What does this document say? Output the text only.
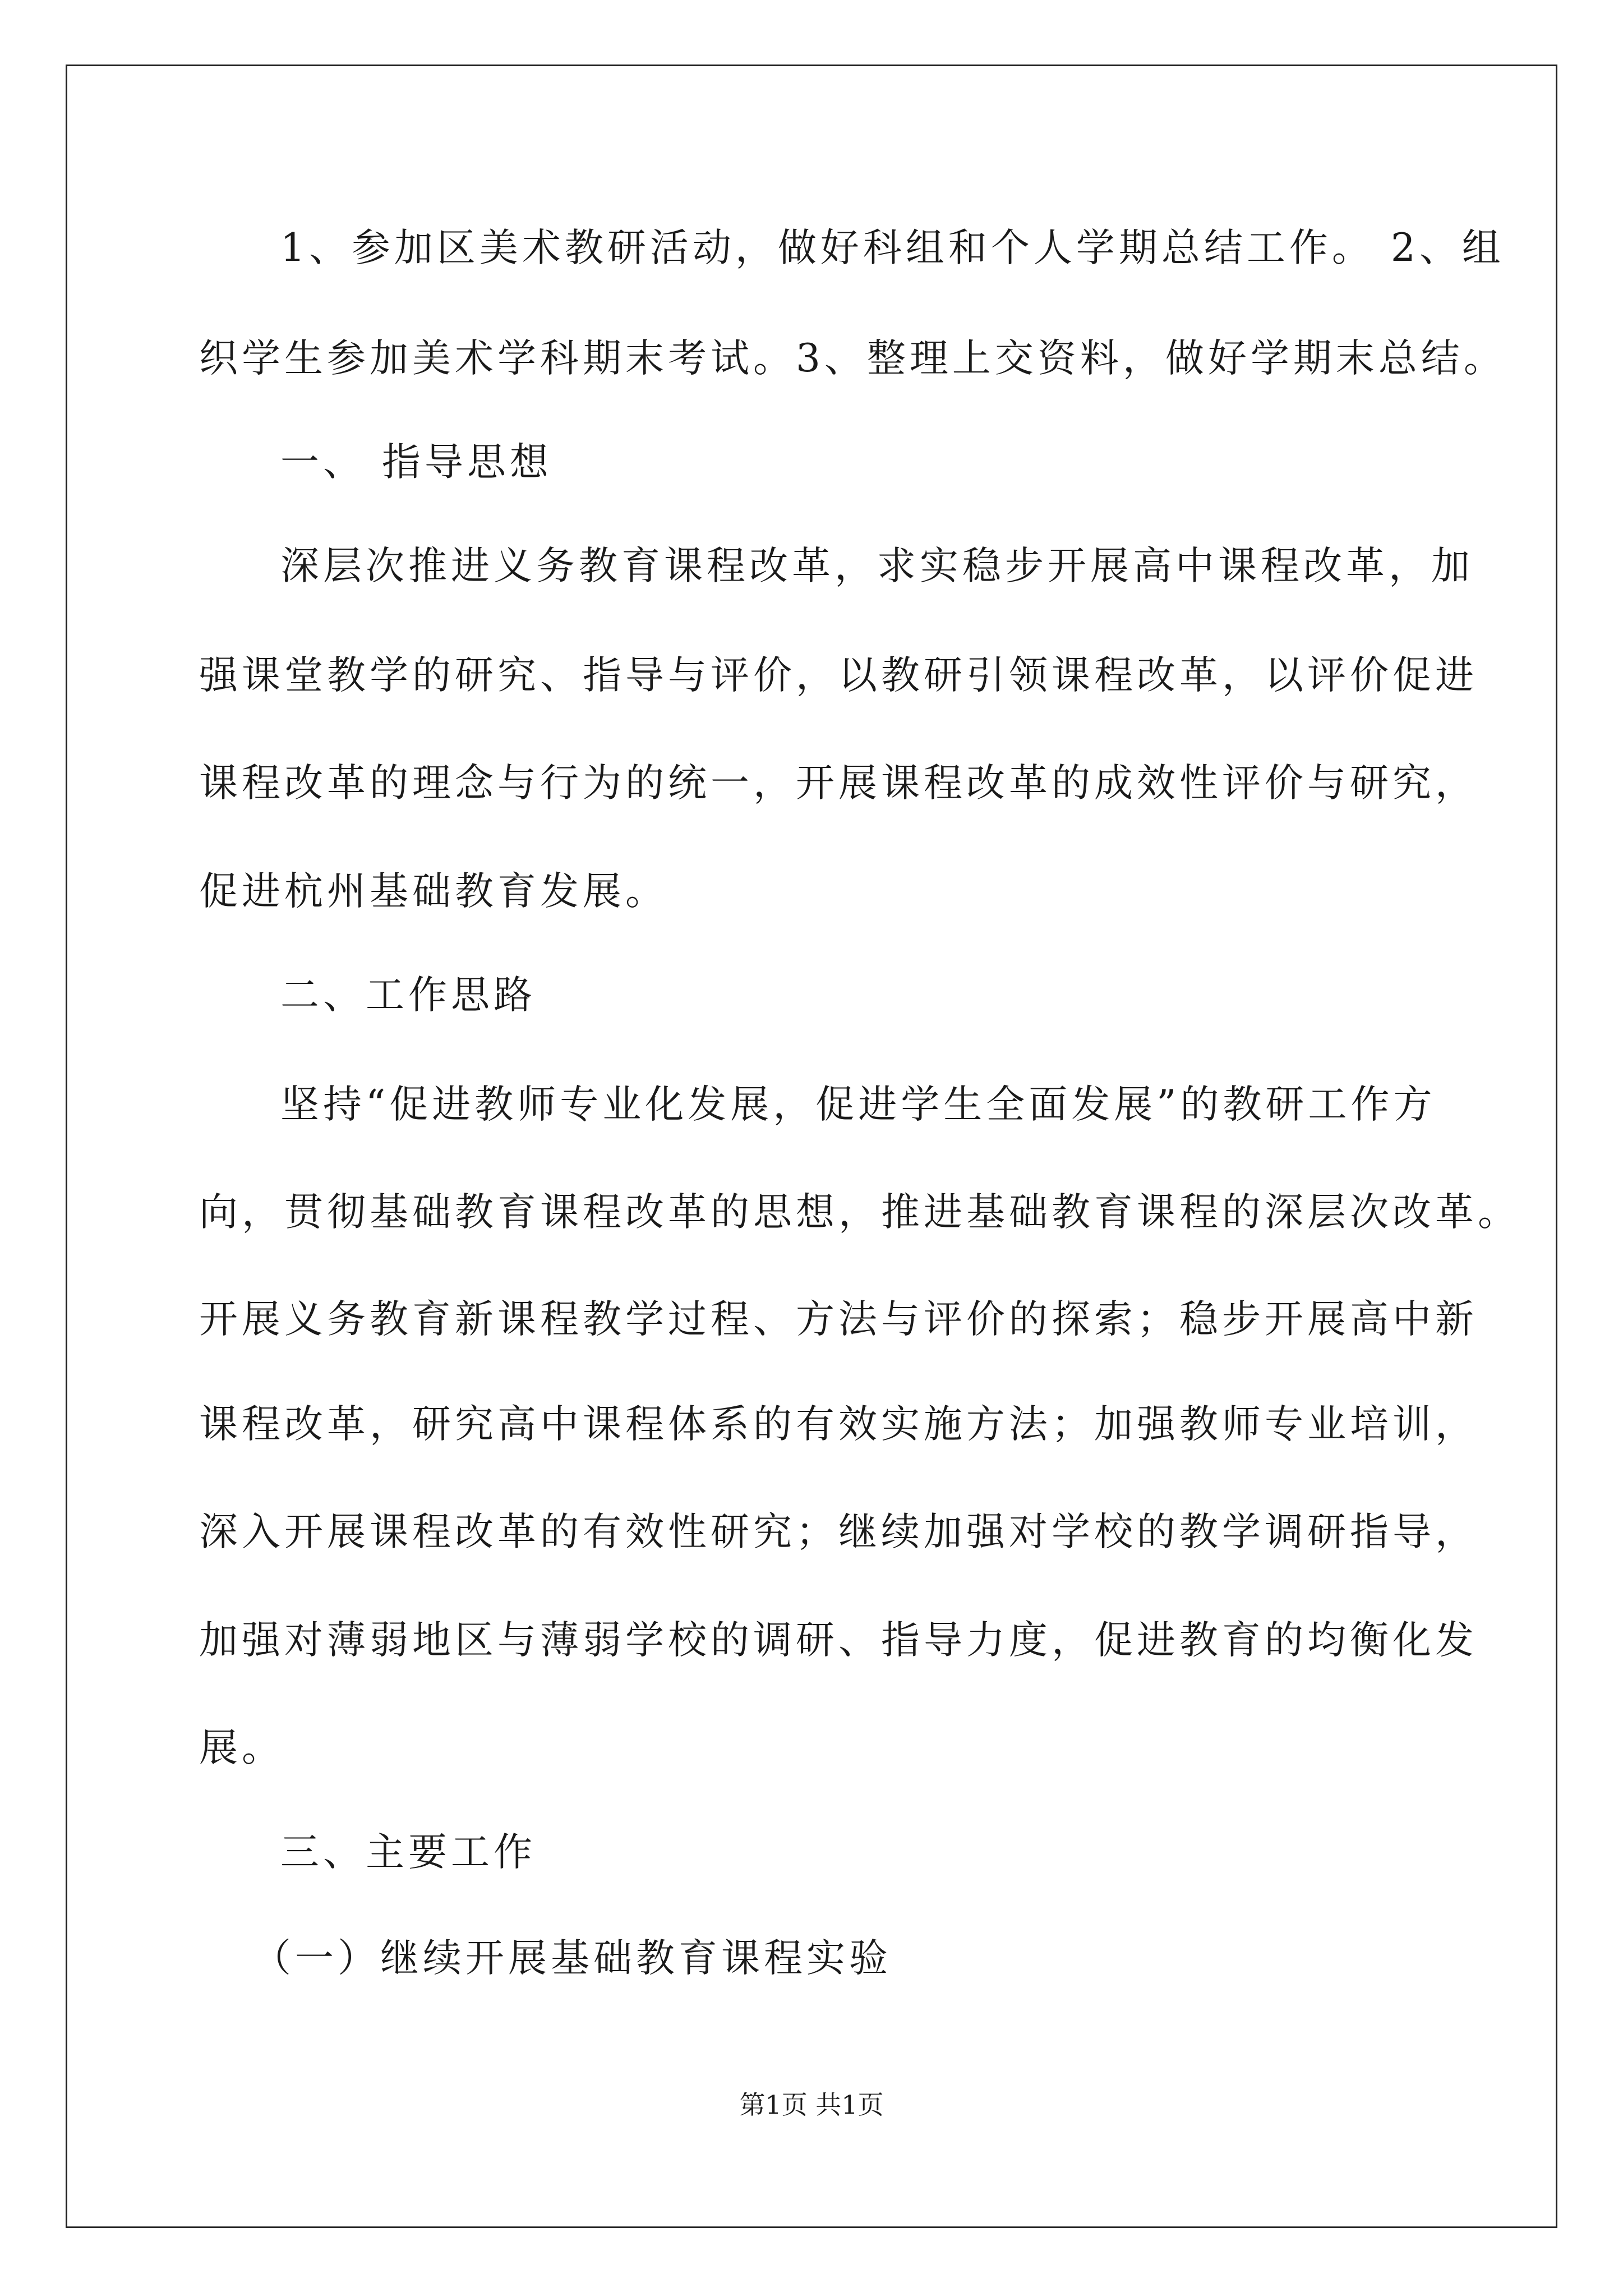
1、参加区美术教研活动，做好科组和个人学期总结工作。 2、组
织学生参加美术学科期末考试。3、整理上交资料，做好学期末总结。
一、 指导思想
深层次推进义务教育课程改革，求实稳步开展高中课程改革，加
强课堂教学的研究、指导与评价，以教研引领课程改革，以评价促进
课程改革的理念与行为的统一，开展课程改革的成效性评价与研究，
促进杭州基础教育发展。
二、工作思路
坚持“促进教师专业化发展，促进学生全面发展”的教研工作方
向，贯彻基础教育课程改革的思想，推进基础教育课程的深层次改革。
开展义务教育新课程教学过程、方法与评价的探索；稳步开展高中新
课程改革，研究高中课程体系的有效实施方法；加强教师专业培训，
深入开展课程改革的有效性研究；继续加强对学校的教学调研指导，
加强对薄弱地区与薄弱学校的调研、指导力度，促进教育的均衡化发
展。
三、主要工作
（一）继续开展基础教育课程实验
第1页 共1页
